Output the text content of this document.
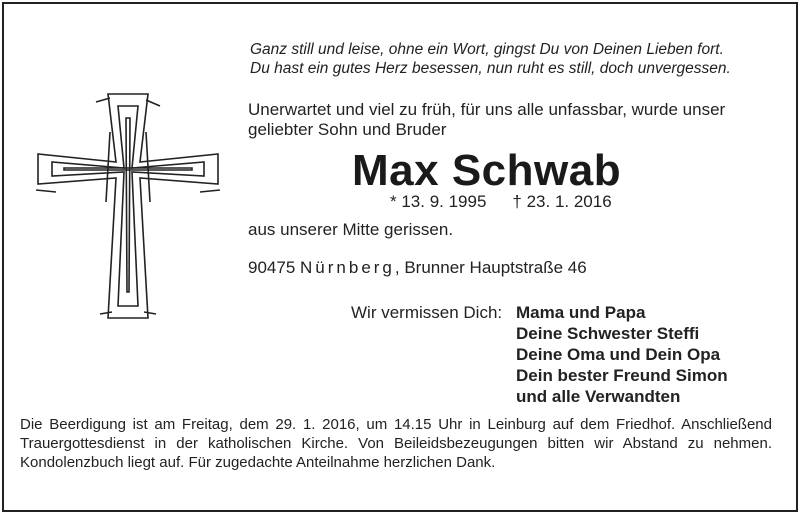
Ganz still und leise, ohne ein Wort, gingst Du von Deinen Lieben fort.
Du hast ein gutes Herz besessen, nun ruht es still, doch unvergessen.
Unerwartet und viel zu früh, für uns alle unfassbar, wurde unser
geliebter Sohn und Bruder
Max Schwab
* 13. 9. 1995 † 23. 1. 2016
aus unserer Mitte gerissen.
90475 Nürnberg, Brunner Hauptstraße 46
Wir vermissen Dich: Mama und Papa
Deine Schwester Steffi
Deine Oma und Dein Opa
Dein bester Freund Simon
und alle Verwandten

Die Beerdigung ist am Freitag, dem 29. 1. 2016, um 14.15 Uhr in Leinburg auf dem Friedhof. Anschließend Trauergottesdienst in der katholischen Kirche. Von Beileidsbezeugungen bitten wir Abstand zu nehmen. Kondolenzbuch liegt auf. Für zugedachte Anteilnahme herzlichen Dank.
